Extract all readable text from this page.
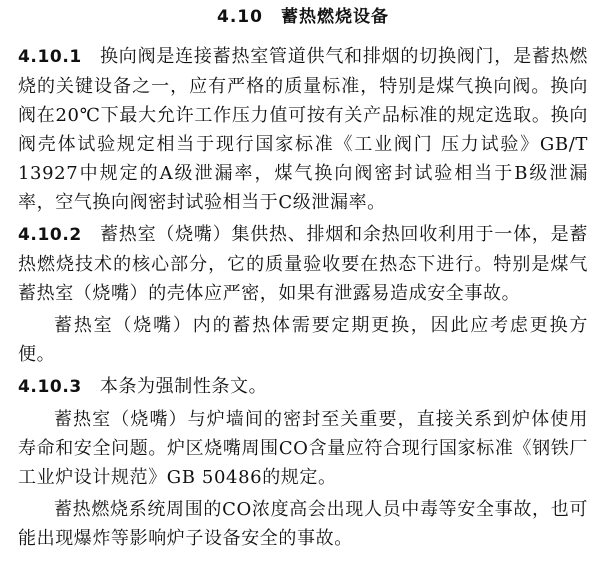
4.10 蓄热燃烧设备

4.10.1 换向阀是连接蓄热室管道供气和排烟的切换阀门，是蓄热燃烧的关键设备之一，应有严格的质量标准，特别是煤气换向阀。换向阀在20℃下最大允许工作压力值可按有关产品标准的规定选取。换向阀壳体试验规定相当于现行国家标准《工业阀门 压力试验》GB/T 13927中规定的A级泄漏率，煤气换向阀密封试验相当于B级泄漏率，空气换向阀密封试验相当于C级泄漏率。

4.10.2 蓄热室（烧嘴）集供热、排烟和余热回收利用于一体，是蓄热燃烧技术的核心部分，它的质量验收要在热态下进行。特别是煤气蓄热室（烧嘴）的壳体应严密，如果有泄露易造成安全事故。

蓄热室（烧嘴）内的蓄热体需要定期更换，因此应考虑更换方便。

4.10.3 本条为强制性条文。

蓄热室（烧嘴）与炉墙间的密封至关重要，直接关系到炉体使用寿命和安全问题。炉区烧嘴周围CO含量应符合现行国家标准《钢铁厂工业炉设计规范》GB 50486的规定。

蓄热燃烧系统周围的CO浓度高会出现人员中毒等安全事故，也可能出现爆炸等影响炉子设备安全的事故。
